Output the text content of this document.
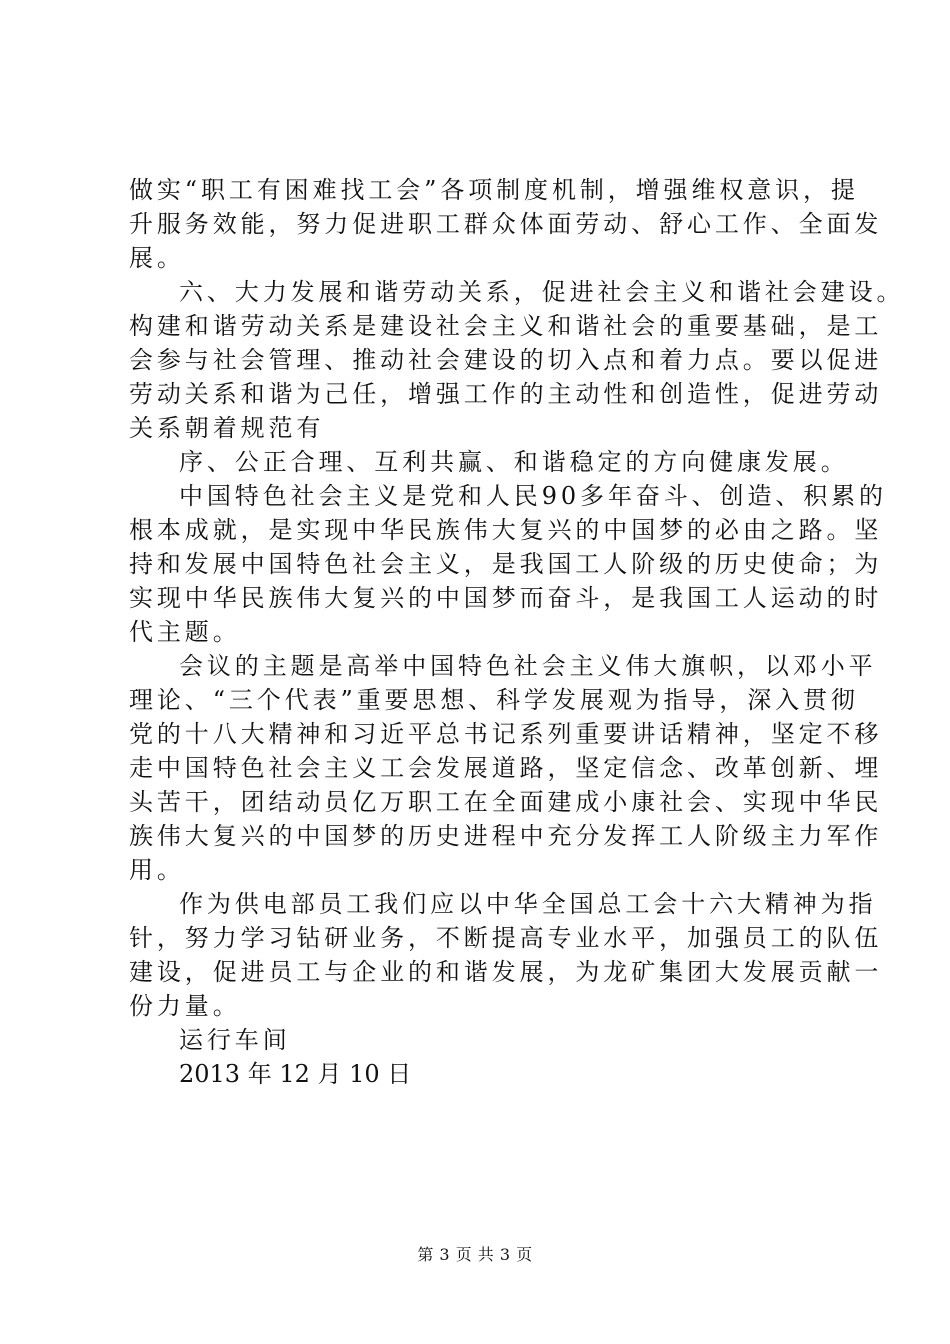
做实“职工有困难找工会”各项制度机制，增强维权意识，提
升服务效能，努力促进职工群众体面劳动、舒心工作、全面发
展。
六、大力发展和谐劳动关系，促进社会主义和谐社会建设。
构建和谐劳动关系是建设社会主义和谐社会的重要基础，是工
会参与社会管理、推动社会建设的切入点和着力点。要以促进
劳动关系和谐为己任，增强工作的主动性和创造性，促进劳动
关系朝着规范有
序、公正合理、互利共赢、和谐稳定的方向健康发展。
中国特色社会主义是党和人民90多年奋斗、创造、积累的
根本成就，是实现中华民族伟大复兴的中国梦的必由之路。坚
持和发展中国特色社会主义，是我国工人阶级的历史使命；为
实现中华民族伟大复兴的中国梦而奋斗，是我国工人运动的时
代主题。
会议的主题是高举中国特色社会主义伟大旗帜，以邓小平
理论、“三个代表”重要思想、科学发展观为指导，深入贯彻
党的十八大精神和习近平总书记系列重要讲话精神，坚定不移
走中国特色社会主义工会发展道路，坚定信念、改革创新、埋
头苦干，团结动员亿万职工在全面建成小康社会、实现中华民
族伟大复兴的中国梦的历史进程中充分发挥工人阶级主力军作
用。
作为供电部员工我们应以中华全国总工会十六大精神为指
针，努力学习钻研业务，不断提高专业水平，加强员工的队伍
建设，促进员工与企业的和谐发展，为龙矿集团大发展贡献一
份力量。
运行车间
2013 年 12 月 10 日
第 3 页 共 3 页
